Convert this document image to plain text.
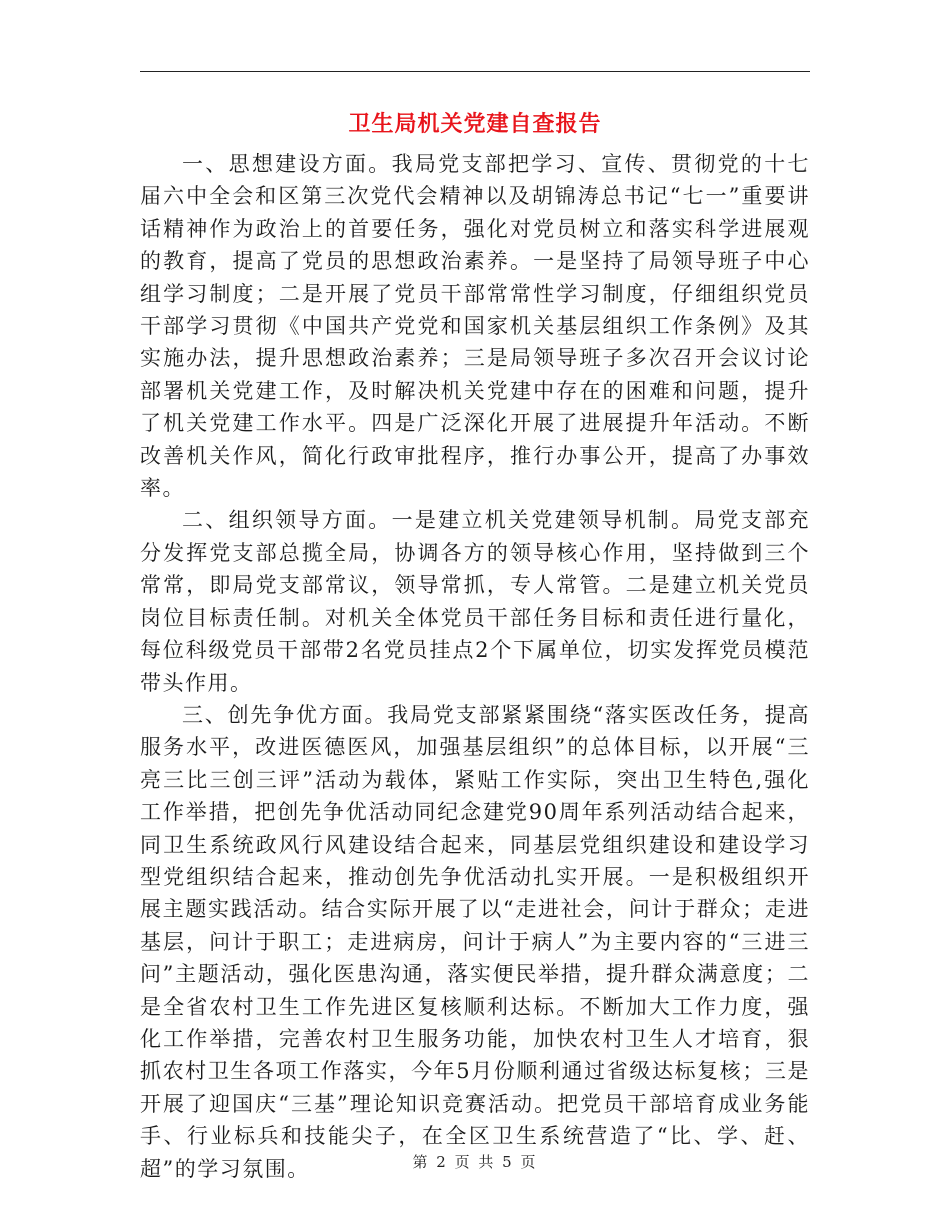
卫生局机关党建自查报告

一、思想建设方面。我局党支部把学习、宣传、贯彻党的十七届六中全会和区第三次党代会精神以及胡锦涛总书记“七一”重要讲话精神作为政治上的首要任务，强化对党员树立和落实科学进展观的教育，提高了党员的思想政治素养。一是坚持了局领导班子中心组学习制度；二是开展了党员干部常常性学习制度，仔细组织党员干部学习贯彻《中国共产党党和国家机关基层组织工作条例》及其实施办法，提升思想政治素养；三是局领导班子多次召开会议讨论部署机关党建工作，及时解决机关党建中存在的困难和问题，提升了机关党建工作水平。四是广泛深化开展了进展提升年活动。不断改善机关作风，简化行政审批程序，推行办事公开，提高了办事效率。

二、组织领导方面。一是建立机关党建领导机制。局党支部充分发挥党支部总揽全局，协调各方的领导核心作用，坚持做到三个常常，即局党支部常议，领导常抓，专人常管。二是建立机关党员岗位目标责任制。对机关全体党员干部任务目标和责任进行量化，每位科级党员干部带2名党员挂点2个下属单位，切实发挥党员模范带头作用。

三、创先争优方面。我局党支部紧紧围绕“落实医改任务，提高服务水平，改进医德医风，加强基层组织”的总体目标，以开展“三亮三比三创三评”活动为载体，紧贴工作实际，突出卫生特色,强化工作举措，把创先争优活动同纪念建党90周年系列活动结合起来，同卫生系统政风行风建设结合起来，同基层党组织建设和建设学习型党组织结合起来，推动创先争优活动扎实开展。一是积极组织开展主题实践活动。结合实际开展了以“走进社会，问计于群众；走进基层，问计于职工；走进病房，问计于病人”为主要内容的“三进三问”主题活动，强化医患沟通，落实便民举措，提升群众满意度；二是全省农村卫生工作先进区复核顺利达标。不断加大工作力度，强化工作举措，完善农村卫生服务功能，加快农村卫生人才培育，狠抓农村卫生各项工作落实，今年5月份顺利通过省级达标复核；三是开展了迎国庆“三基”理论知识竞赛活动。把党员干部培育成业务能手、行业标兵和技能尖子，在全区卫生系统营造了“比、学、赶、超”的学习氛围。	第 2 页 共 5 页
